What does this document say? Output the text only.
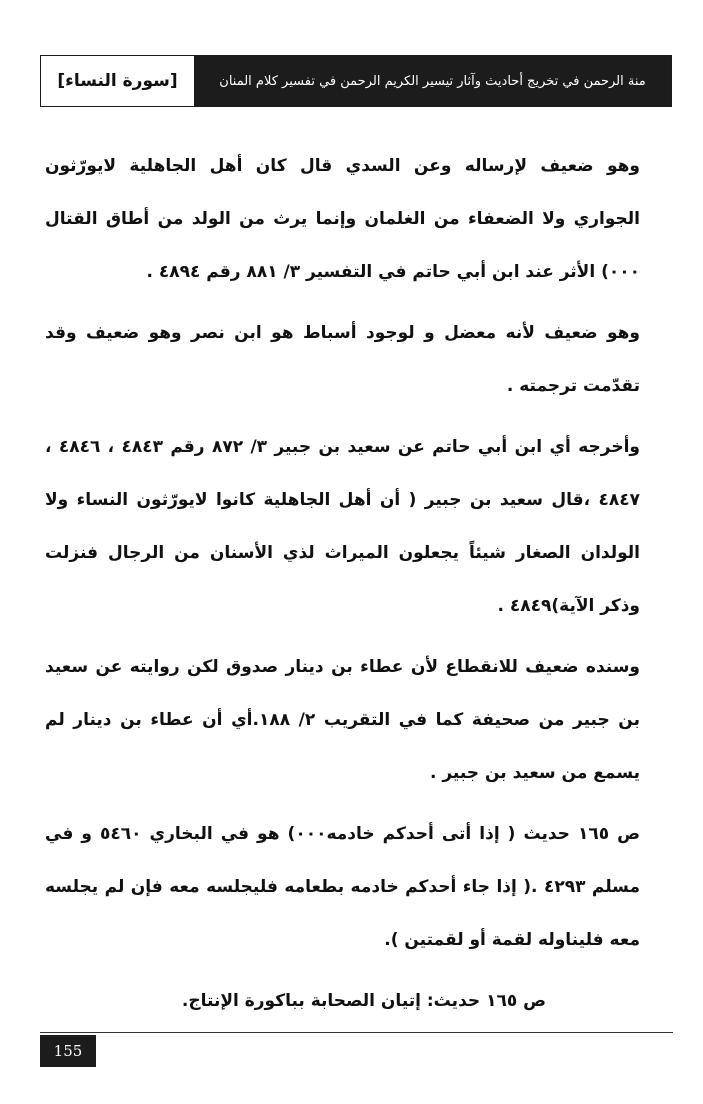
[سورة النساء]	منة الرحمن في تخريج أحاديث وآثار تيسير الكريم الرحمن في تفسير كلام المنان

وهو ضعيف لإرساله وعن السدي قال كان أهل الجاهلية لايورّثون الجواري ولا الضعفاء من الغلمان وإنما يرث من الولد من أطاق القتال ٠٠٠) الأثر عند ابن أبي حاتم في التفسير ٣/ ٨٨١ رقم ٤٨٩٤ .

وهو ضعيف لأنه معضل و لوجود أسباط هو ابن نصر وهو ضعيف وقد تقدّمت ترجمته .

وأخرجه أي ابن أبي حاتم عن سعيد بن جبير ٣/ ٨٧٢ رقم ٤٨٤٣ ، ٤٨٤٦ ، ٤٨٤٧ ،قال سعيد بن جبير ( أن أهل الجاهلية كانوا لايورّثون النساء ولا الولدان الصغار شيئاً يجعلون الميراث لذي الأسنان من الرجال فنزلت وذكر الآية)٤٨٤٩ .

وسنده ضعيف للانقطاع لأن عطاء بن دينار صدوق لكن روايته عن سعيد بن جبير من صحيفة كما في التقريب ٢/ ١٨٨.أي أن عطاء بن دينار لم يسمع من سعيد بن جبير .

ص ١٦٥ حديث ( إذا أتى أحدكم خادمه٠٠٠) هو في البخاري ٥٤٦٠ و في مسلم ٤٢٩٣ .( إذا جاء أحدكم خادمه بطعامه فليجلسه معه فإن لم يجلسه معه فليناوله لقمة أو لقمتين ).

ص ١٦٥ حديث: إتيان الصحابة بباكورة الإنتاج.

155
